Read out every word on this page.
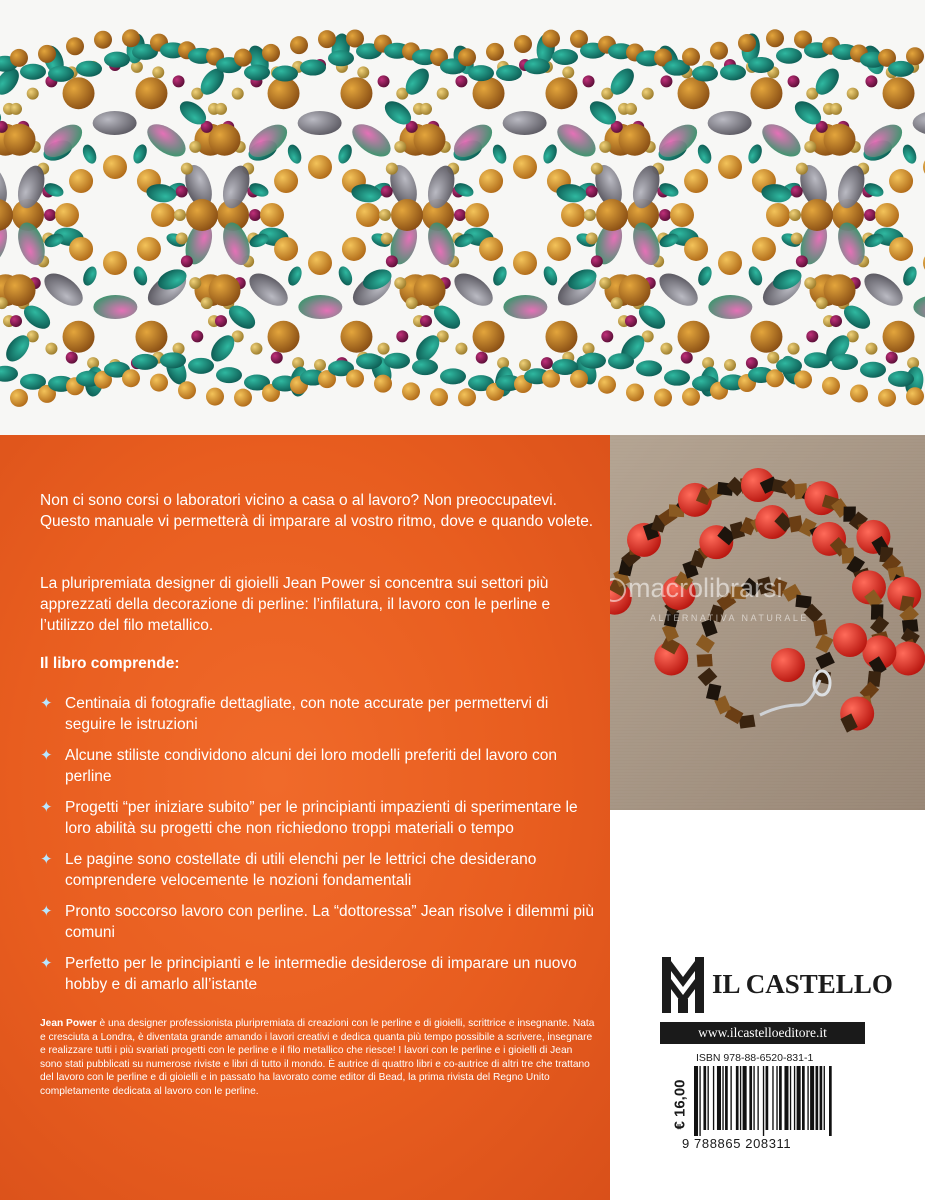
Non ci sono corsi o laboratori vicino a casa o al lavoro? Non preoccupatevi. Questo manuale vi permetterà di imparare al vostro ritmo, dove e quando volete.

La pluripremiata designer di gioielli Jean Power si concentra sui settori più apprezzati della decorazione di perline: l’infilatura, il lavoro con le perline e l’utilizzo del filo metallico.

Il libro comprende:

✦ Centinaia di fotografie dettagliate, con note accurate per permettervi di seguire le istruzioni
✦ Alcune stiliste condividono alcuni dei loro modelli preferiti del lavoro con perline
✦ Progetti “per iniziare subito” per le principianti impazienti di sperimentare le loro abilità su progetti che non richiedono troppi materiali o tempo
✦ Le pagine sono costellate di utili elenchi per le lettrici che desiderano comprendere velocemente le nozioni fondamentali
✦ Pronto soccorso lavoro con perline. La “dottoressa” Jean risolve i dilemmi più comuni
✦ Perfetto per le principianti e le intermedie desiderose di imparare un nuovo hobby e di amarlo all’istante

Jean Power è una designer professionista pluripremiata di creazioni con le perline e di gioielli, scrittrice e insegnante. Nata e cresciuta a Londra, è diventata grande amando i lavori creativi e dedica quanta più tempo possibile a scrivere, insegnare e realizzare tutti i più svariati progetti con le perline e il filo metallico che riesce! I lavori con le perline e i gioielli di Jean sono stati pubblicati su numerose riviste e libri di tutto il mondo. È autrice di quattro libri e co-autrice di altri tre che trattano del lavoro con le perline e di gioielli e in passato ha lavorato come editor di Bead, la prima rivista del Regno Unito completamente dedicata al lavoro con le perline.

macrolibrarsi
ALTERNATIVA NATURALE
IL CASTELLO
www.ilcastelloeditore.it
ISBN 978-88-6520-831-1
€ 16,00
9 788865 208311
